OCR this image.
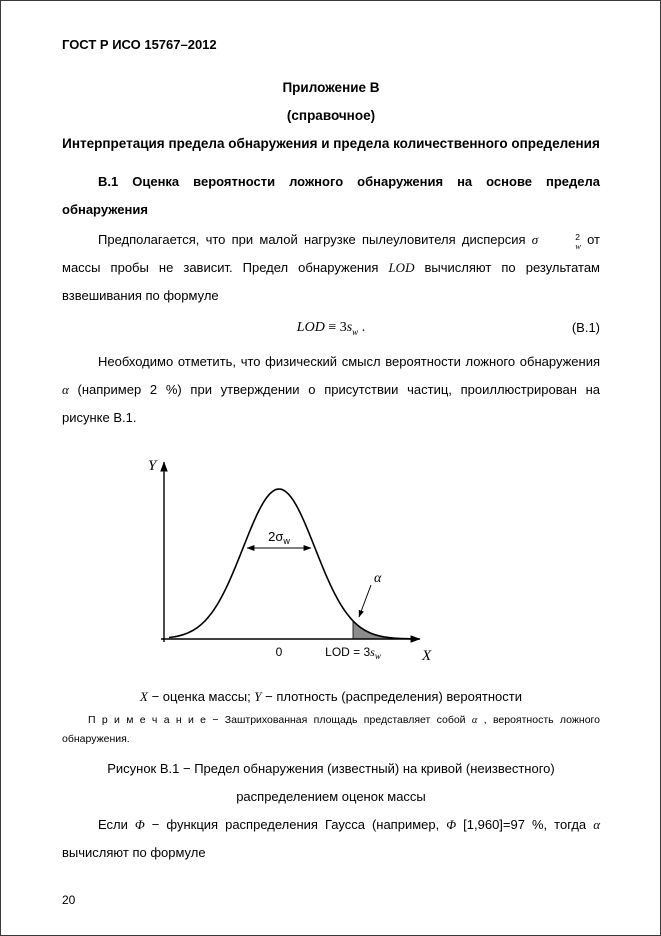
ГОСТ Р ИСО 15767–2012
Приложение В
(справочное)
Интерпретация предела обнаружения и предела количественного определения

В.1 Оценка вероятности ложного обнаружения на основе предела обнаружения

Предполагается, что при малой нагрузке пылеуловителя дисперсия σ	2
w от массы пробы не зависит. Предел обнаружения LOD вычисляют по результатам взвешивания по формуле

LOD ≡ $3s_w$ .	(В.1)

Необходимо отметить, что физический смысл вероятности ложного обнаружения α (например 2 %) при утверждении о присутствии частиц, проиллюстрирован на рисунке В.1.

Y
X
$2\sigma_w$
0	LOD = $3s_w$
α
X − оценка массы; Y − плотность (распределения) вероятности
П р и м е ч а н и е − Заштрихованная площадь представляет собой α , вероятность ложного обнаружения.
Рисунок В.1 − Предел обнаружения (известный) на кривой (неизвестного) распределением оценок массы

Если Φ − функция распределения Гаусса (например, Φ [1,960]=97 %, тогда α вычисляют по формуле

20
